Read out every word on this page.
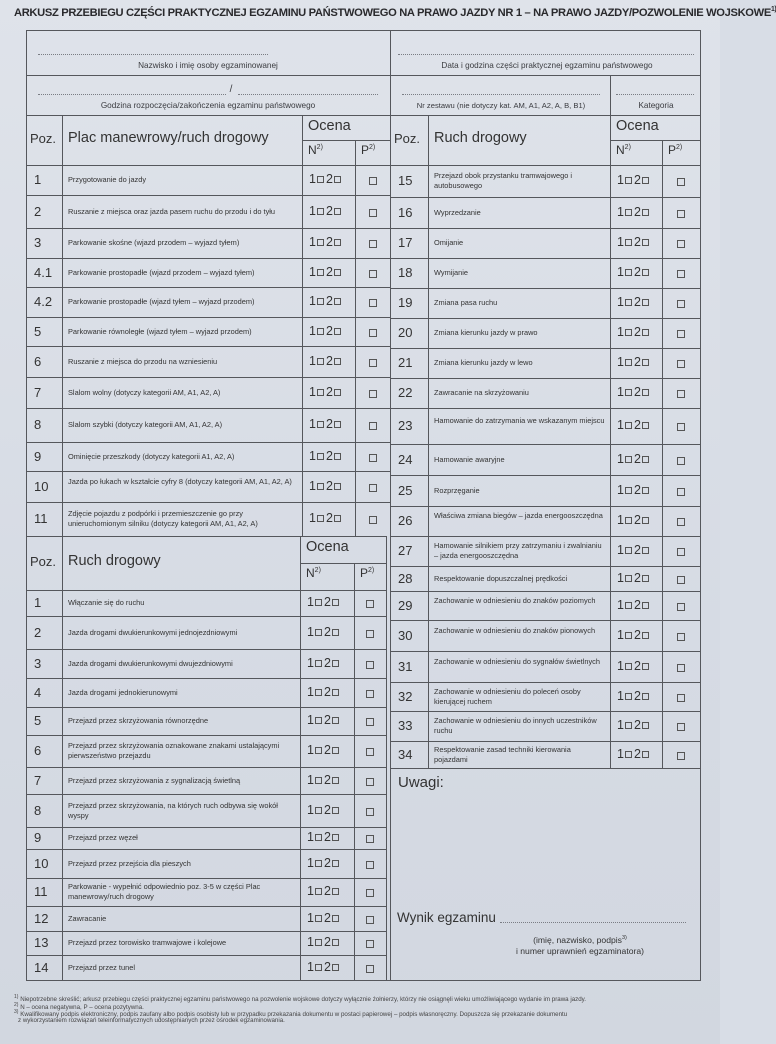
ARKUSZ PRZEBIEGU CZĘŚCI PRAKTYCZNEJ EGZAMINU PAŃSTWOWEGO NA PRAWO JAZDY NR 1 – NA PRAWO JAZDY/POZWOLENIE WOJSKOWE$^{1)}$
Nazwisko i imię osoby egzaminowanej	Data i godzina części praktycznej egzaminu państwowego
/
Godzina rozpoczęcia/zakończenia egzaminu państwowego	Nr zestawu (nie dotyczy kat. AM, A1, A2, A, B, B1)	Kategoria
Poz. Plac manewrowy/ruch drogowy
Ocena
$N^{2)}$	$P^{2)}$
1	Przygotowanie do jazdy	1 2
2	Ruszanie z miejsca oraz jazda pasem ruchu do przodu i do tyłu	1 2
3	Parkowanie skośne (wjazd przodem – wyjazd tyłem)	1 2
4.1 Parkowanie prostopadłe (wjazd przodem – wyjazd tyłem)	1 2
4.2 Parkowanie prostopadłe (wjazd tyłem – wyjazd przodem)	1 2
5	Parkowanie równoległe (wjazd tyłem – wyjazd przodem)	1 2
6	Ruszanie z miejsca do przodu na wzniesieniu	1 2
7	Slalom wolny (dotyczy kategorii AM, A1, A2, A)	1 2
8	Slalom szybki (dotyczy kategorii AM, A1, A2, A)	1 2
9	Ominięcie przeszkody (dotyczy kategorii A1, A2, A)	1 2
10	Jazda po łukach w kształcie cyfry 8 (dotyczy kategorii AM, A1, A2, A)	1 2
11	Zdjęcie pojazdu z podpórki i przemieszczenie go przy unieruchomionym silniku (dotyczy kategorii AM, A1, A2, A)	1 2
Poz. Ruch drogowy
Ocena
$N^{2)}$	$P^{2)}$
1	Włączanie się do ruchu	1 2
2	Jazda drogami dwukierunkowymi jednojezdniowymi	1 2
3	Jazda drogami dwukierunkowymi dwujezdniowymi	1 2
4	Jazda drogami jednokierunowymi	1 2
5	Przejazd przez skrzyżowania równorzędne	1 2
6	Przejazd przez skrzyżowania oznakowane znakami ustalającymi pierwszeństwo przejazdu	1 2
7	Przejazd przez skrzyżowania z sygnalizacją świetlną	1 2
8	Przejazd przez skrzyżowania, na których ruch odbywa się wokół wyspy	1 2
9	Przejazd przez węzeł	1 2
10	Przejazd przez przejścia dla pieszych	1 2
11	Parkowanie - wypełnić odpowiednio poz. 3-5 w części Plac manewrowy/ruch drogowy	1 2
12	Zawracanie	1 2
13	Przejazd przez torowisko tramwajowe i kolejowe	1 2
14	Przejazd przez tunel	1 2
Poz. Ruch drogowy
Ocena
$N^{2)}$	$P^{2)}$
15	Przejazd obok przystanku tramwajowego i autobusowego	1 2
16	Wyprzedzanie	1 2
17	Omijanie	1 2
18	Wymijanie	1 2
19	Zmiana pasa ruchu	1 2
20	Zmiana kierunku jazdy w prawo	1 2
21	Zmiana kierunku jazdy w lewo	1 2
22	Zawracanie na skrzyżowaniu	1 2
23	Hamowanie do zatrzymania we wskazanym miejscu 1 2
24	Hamowanie awaryjne	1 2
25	Rozprzęganie	1 2
26	Właściwa zmiana biegów – jazda energooszczędna 1 2
27	Hamowanie silnikiem przy zatrzymaniu i zwalnianiu – jazda energooszczędna	1 2
28	Respektowanie dopuszczalnej prędkości	1 2
29	Zachowanie w odniesieniu do znaków poziomych	1 2
30	Zachowanie w odniesieniu do znaków pionowych	1 2
31	Zachowanie w odniesieniu do sygnałów świetlnych	1 2
32	Zachowanie w odniesieniu do poleceń osoby kierującej ruchem	1 2
33	Zachowanie w odniesieniu do innych uczestników ruchu	1 2
34	Respektowanie zasad techniki kierowania pojazdami	1 2
Uwagi:
Wynik egzaminu
(imię, nazwisko, podpis$^{3)}$
i numer uprawnień egzaminatora)
$^{1)}$ Niepotrzebne skreślić; arkusz przebiegu części praktycznej egzaminu państwowego na pozwolenie wojskowe dotyczy wyłącznie żołnierzy, którzy nie osiągnęli wieku umożliwiającego wydanie im prawa jazdy.
$^{2)}$ N – ocena negatywna, P – ocena pozytywna.
$^{3)}$ Kwalifikowany podpis elektroniczny, podpis zaufany albo podpis osobisty lub w przypadku przekazania dokumentu w postaci papierowej – podpis własnoręczny. Dopuszcza się przekazanie dokumentu
z wykorzystaniem rozwiązań teleinformatycznych udostępnianych przez ośrodek egzaminowania.
